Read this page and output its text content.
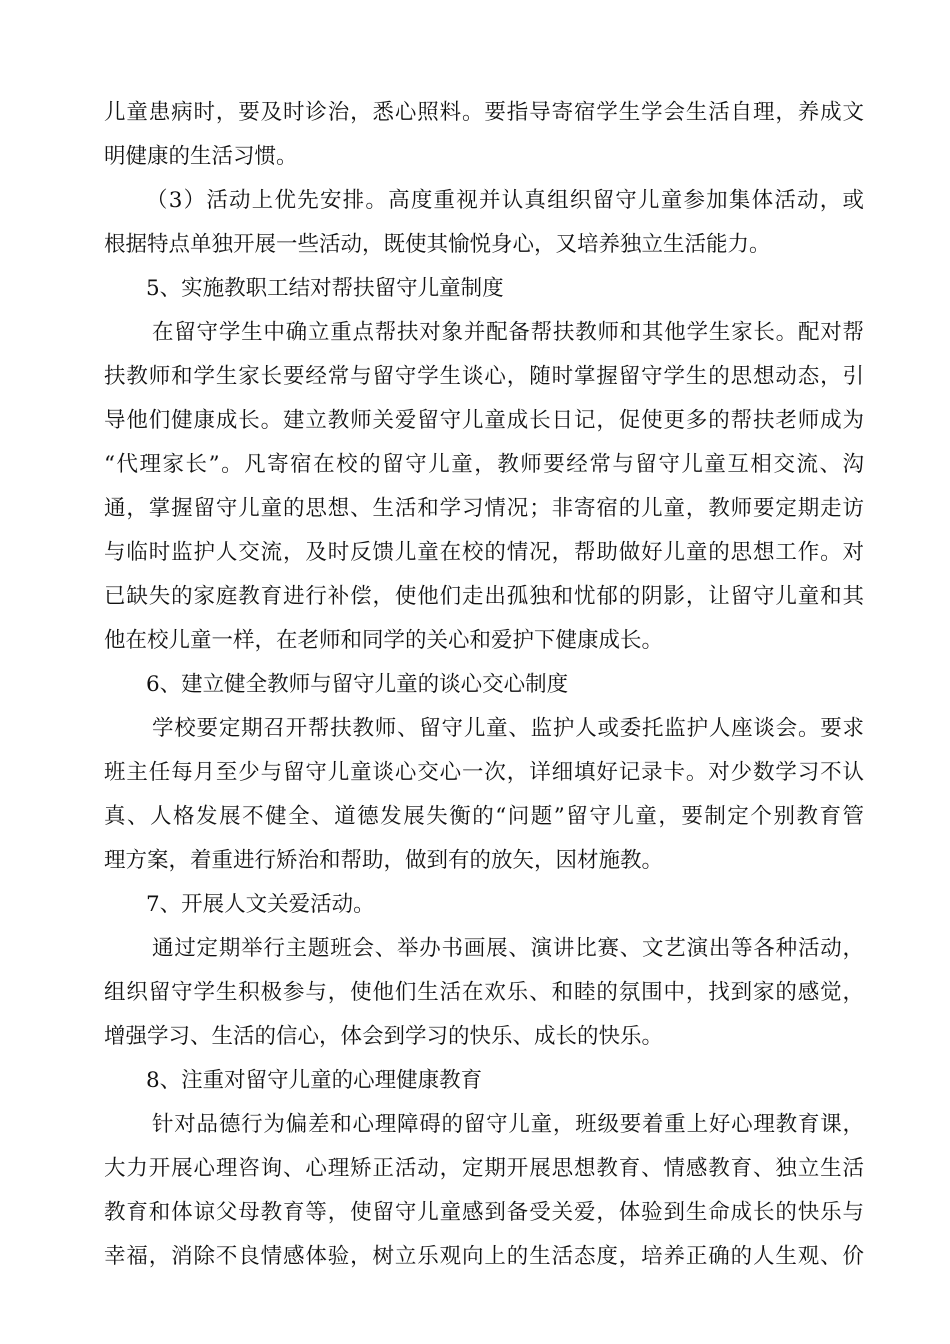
儿童患病时，要及时诊治，悉心照料。要指导寄宿学生学会生活自理，养成文
明健康的生活习惯。
（3）活动上优先安排。高度重视并认真组织留守儿童参加集体活动，或
根据特点单独开展一些活动，既使其愉悦身心，又培养独立生活能力。
5、实施教职工结对帮扶留守儿童制度
在留守学生中确立重点帮扶对象并配备帮扶教师和其他学生家长。配对帮
扶教师和学生家长要经常与留守学生谈心，随时掌握留守学生的思想动态，引
导他们健康成长。建立教师关爱留守儿童成长日记，促使更多的帮扶老师成为
“代理家长”。凡寄宿在校的留守儿童，教师要经常与留守儿童互相交流、沟
通，掌握留守儿童的思想、生活和学习情况；非寄宿的儿童，教师要定期走访
与临时监护人交流，及时反馈儿童在校的情况，帮助做好儿童的思想工作。对
已缺失的家庭教育进行补偿，使他们走出孤独和忧郁的阴影，让留守儿童和其
他在校儿童一样，在老师和同学的关心和爱护下健康成长。
6、建立健全教师与留守儿童的谈心交心制度
学校要定期召开帮扶教师、留守儿童、监护人或委托监护人座谈会。要求
班主任每月至少与留守儿童谈心交心一次，详细填好记录卡。对少数学习不认
真、人格发展不健全、道德发展失衡的“问题”留守儿童，要制定个别教育管
理方案，着重进行矫治和帮助，做到有的放矢，因材施教。
7、开展人文关爱活动。
通过定期举行主题班会、举办书画展、演讲比赛、文艺演出等各种活动，
组织留守学生积极参与，使他们生活在欢乐、和睦的氛围中，找到家的感觉，
增强学习、生活的信心，体会到学习的快乐、成长的快乐。
8、注重对留守儿童的心理健康教育
针对品德行为偏差和心理障碍的留守儿童，班级要着重上好心理教育课，
大力开展心理咨询、心理矫正活动，定期开展思想教育、情感教育、独立生活
教育和体谅父母教育等，使留守儿童感到备受关爱，体验到生命成长的快乐与
幸福，消除不良情感体验，树立乐观向上的生活态度，培养正确的人生观、价
